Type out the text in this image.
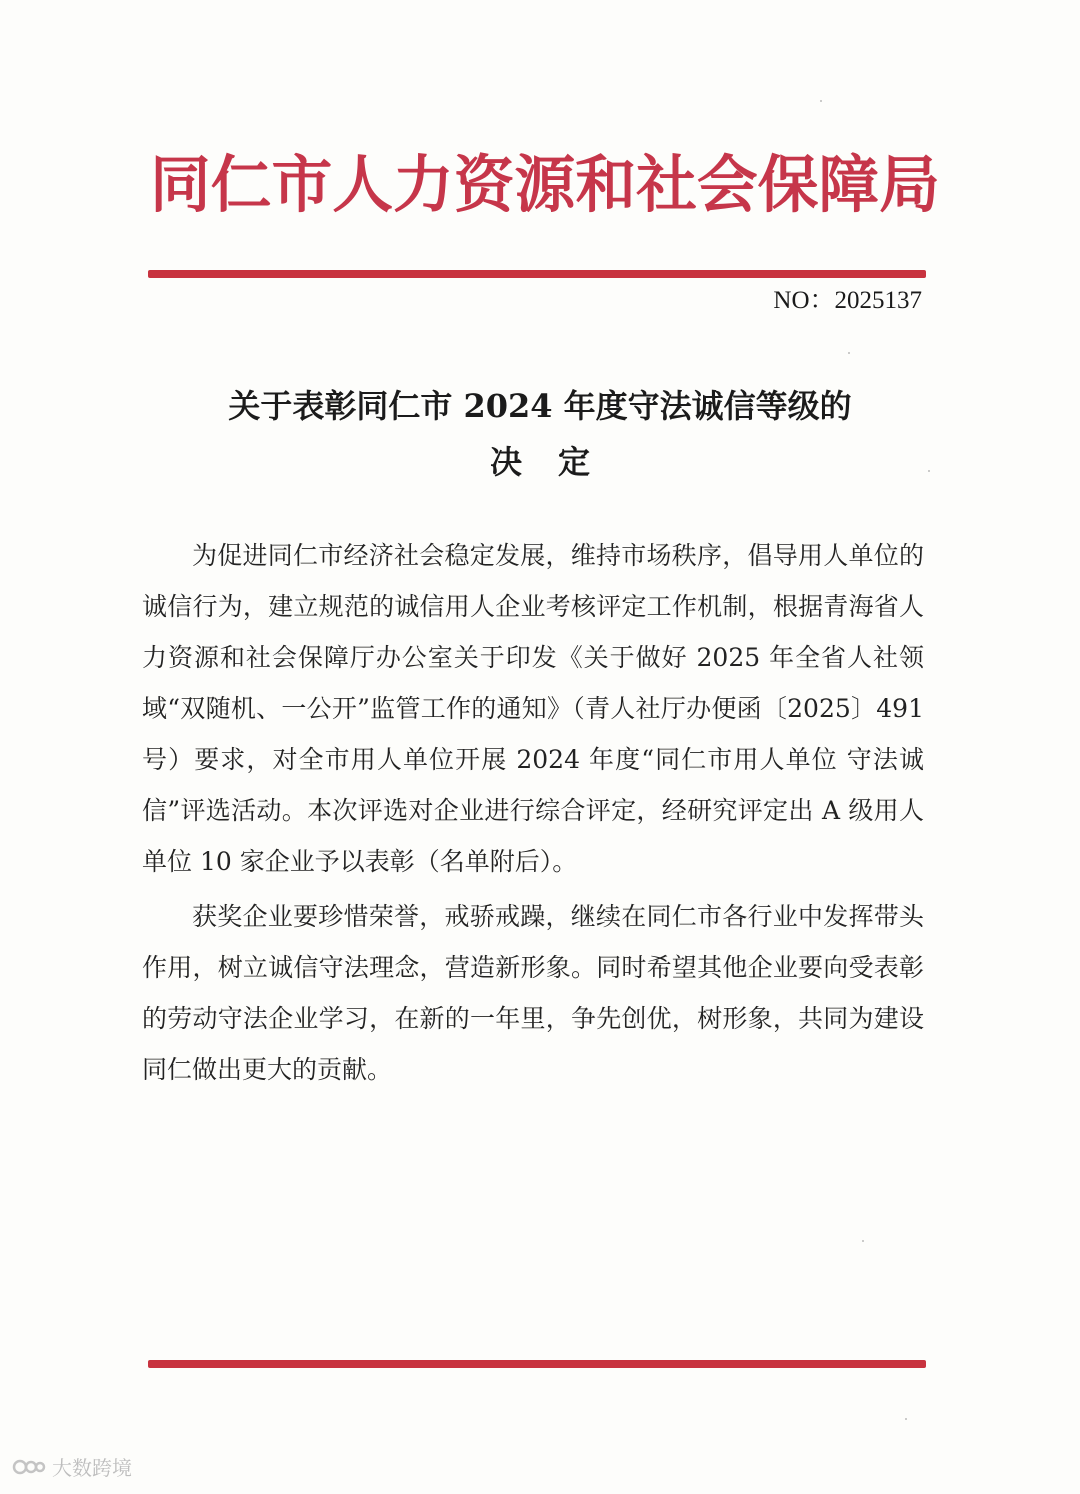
同仁市人力资源和社会保障局
NO：2025137
关于表彰同仁市 2024 年度守法诚信等级的
决定

为促进同仁市经济社会稳定发展，维持市场秩序，倡导用人单位的诚信行为，建立规范的诚信用人企业考核评定工作机制，根据青海省人力资源和社会保障厅办公室关于印发《关于做好 2025 年全省人社领域“双随机、一公开”监管工作的通知》（青人社厅办便函〔2025〕491 号）要求，对全市用人单位开展 2024 年度“同仁市用人单位 守法诚信”评选活动。本次评选对企业进行综合评定，经研究评定出 A 级用人单位 10 家企业予以表彰（名单附后）。

获奖企业要珍惜荣誉，戒骄戒躁，继续在同仁市各行业中发挥带头作用，树立诚信守法理念，营造新形象。同时希望其他企业要向受表彰的劳动守法企业学习，在新的一年里，争先创优，树形象，共同为建设同仁做出更大的贡献。

大数跨境
